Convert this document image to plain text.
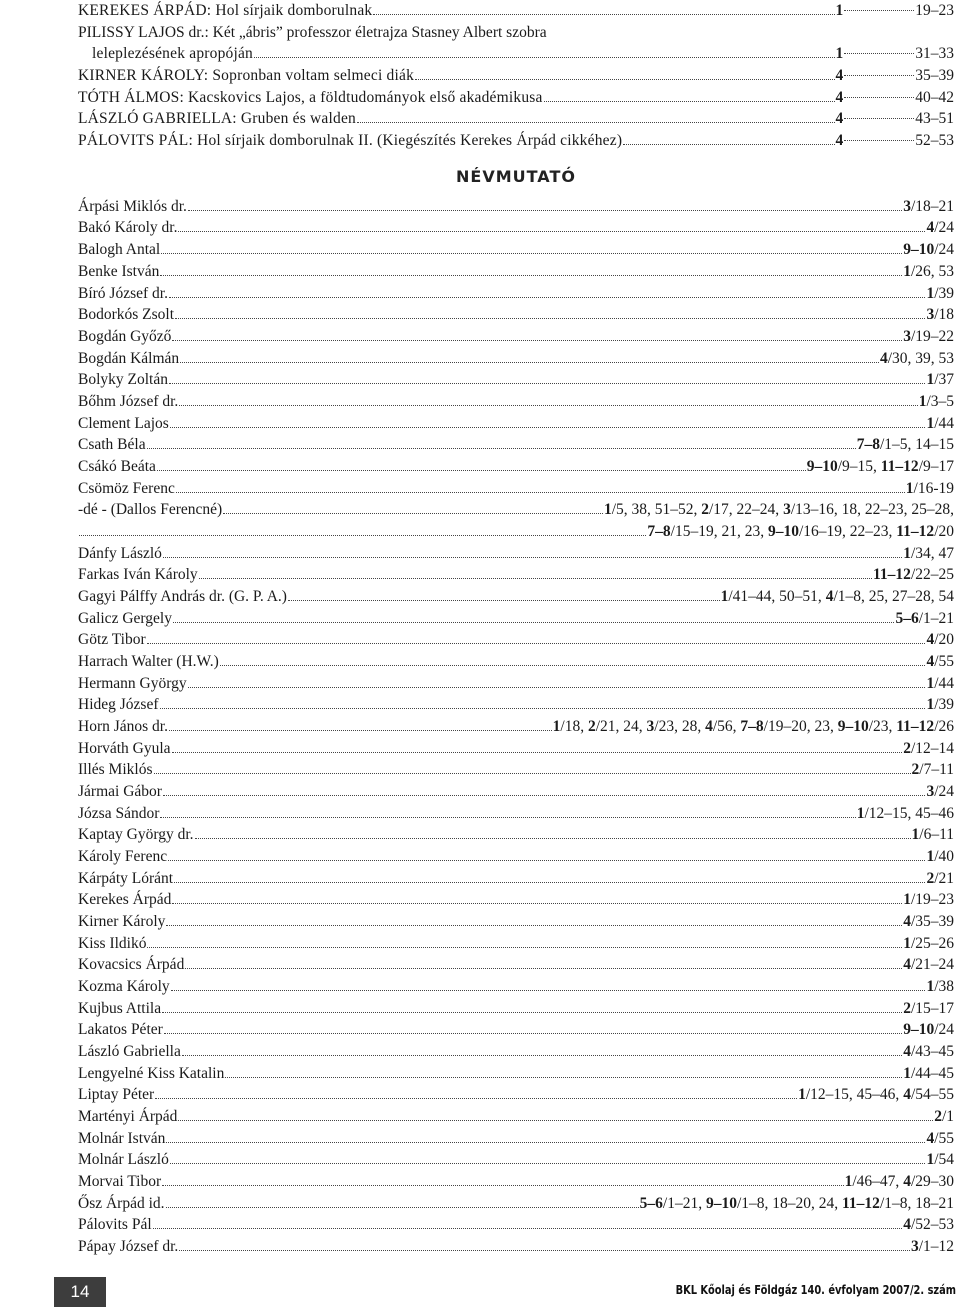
KEREKES ÁRPÁD: Hol sírjaik domborulnak	1	19–23
PILISSY LAJOS dr.: Két „ábris” professzor életrajza Stasney Albert szobra
leleplezésének apropóján	1	31–33
KIRNER KÁROLY: Sopronban voltam selmeci diák	4	35–39
TÓTH ÁLMOS: Kacskovics Lajos, a földtudományok első akadémikusa	4	40–42
LÁSZLÓ GABRIELLA: Gruben és walden	4	43–51
PÁLOVITS PÁL: Hol sírjaik domborulnak II. (Kiegészítés Kerekes Árpád cikkéhez)	4	52–53
NÉVMUTATÓ
Árpási Miklós dr.	3/18–21
Bakó Károly dr.	4/24
Balogh Antal	9–10/24
Benke István	1/26, 53
Bíró József dr.	1/39
Bodorkós Zsolt	3/18
Bogdán Győző	3/19–22
Bogdán Kálmán	4/30, 39, 53
Bolyky Zoltán	1/37
Bőhm József dr.	1/3–5
Clement Lajos	1/44
Csath Béla	7–8/1–5, 14–15
Csákó Beáta	9–10/9–15, 11–12/9–17
Csömöz Ferenc	1/16-19
-dé - (Dallos Ferencné)	1/5, 38, 51–52, 2/17, 22–24, 3/13–16, 18, 22–23, 25–28,
7–8/15–19, 21, 23, 9–10/16–19, 22–23, 11–12/20
Dánfy László	1/34, 47
Farkas Iván Károly	11–12/22–25
Gagyi Pálffy András dr. (G. P. A.)	1/41–44, 50–51, 4/1–8, 25, 27–28, 54
Galicz Gergely	5–6/1–21
Götz Tibor	4/20
Harrach Walter (H.W.)	4/55
Hermann György	1/44
Hideg József	1/39
Horn János dr.	1/18, 2/21, 24, 3/23, 28, 4/56, 7–8/19–20, 23, 9–10/23, 11–12/26
Horváth Gyula	2/12–14
Illés Miklós	2/7–11
Jármai Gábor	3/24
Józsa Sándor	1/12–15, 45–46
Kaptay György dr.	1/6–11
Károly Ferenc	1/40
Kárpáty Lóránt	2/21
Kerekes Árpád	1/19–23
Kirner Károly	4/35–39
Kiss Ildikó	1/25–26
Kovacsics Árpád	4/21–24
Kozma Károly	1/38
Kujbus Attila	2/15–17
Lakatos Péter	9–10/24
László Gabriella	4/43–45
Lengyelné Kiss Katalin	1/44–45
Liptay Péter	1/12–15, 45–46, 4/54–55
Martényi Árpád	2/1
Molnár István	4/55
Molnár László	1/54
Morvai Tibor	1/46–47, 4/29–30
Ősz Árpád id.	5–6/1–21, 9–10/1–8, 18–20, 24, 11–12/1–8, 18–21
Pálovits Pál	4/52–53
Pápay József dr.	3/1–12
14	BKL Kőolaj és Földgáz 140. évfolyam 2007/2. szám
